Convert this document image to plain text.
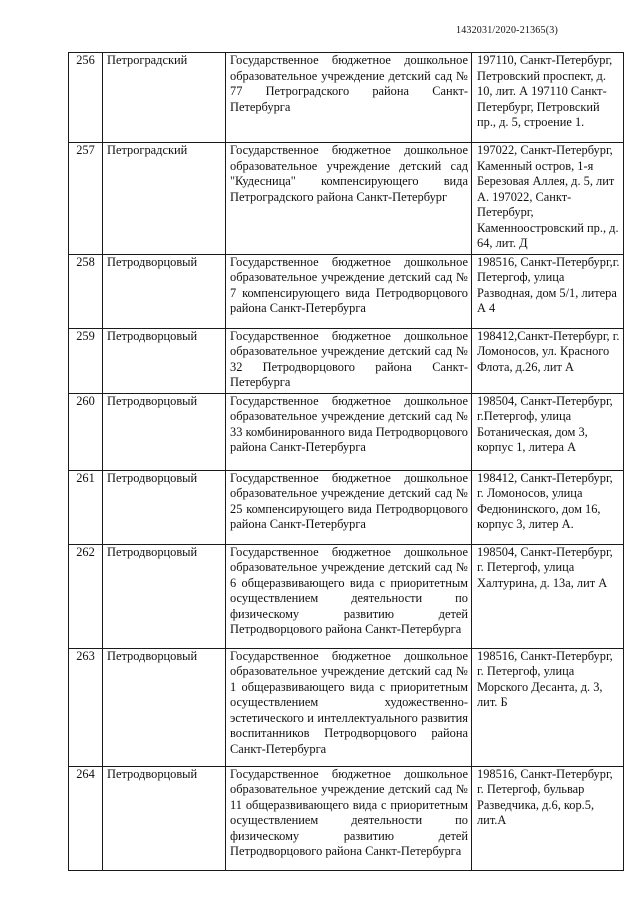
1432031/2020-21365(3)
256	Петроградский	Государственное бюджетное дошкольное образовательное учреждение детский сад № 77 Петроградского района Санкт-Петербурга	197110, Санкт-Петербург, Петровский проспект, д. 10, лит. А 197110 Санкт-Петербург, Петровский пр., д. 5, строение 1.
257	Петроградский	Государственное бюджетное дошкольное образовательное учреждение детский сад "Кудесница" компенсирующего вида Петроградского района Санкт-Петербург	197022, Санкт-Петербург, Каменный остров, 1-я Березовая Аллея, д. 5, лит А. 197022, Санкт-Петербург, Каменноостровский пр., д. 64, лит. Д
258	Петродворцовый	Государственное бюджетное дошкольное образовательное учреждение детский сад № 7 компенсирующего вида Петродворцового района Санкт-Петербурга	198516, Санкт-Петербург,г. Петергоф, улица Разводная, дом 5/1, литера А 4
259	Петродворцовый	Государственное бюджетное дошкольное образовательное учреждение детский сад № 32 Петродворцового района Санкт-Петербурга	198412,Санкт-Петербург, г. Ломоносов, ул. Красного Флота, д.26, лит А
260	Петродворцовый	Государственное бюджетное дошкольное образовательное учреждение детский сад № 33 комбинированного вида Петродворцового района Санкт-Петербурга	198504, Санкт-Петербург, г.Петергоф, улица Ботаническая, дом 3, корпус 1, литера А
261	Петродворцовый	Государственное бюджетное дошкольное образовательное учреждение детский сад № 25 компенсирующего вида Петродворцового района Санкт-Петербурга	198412, Санкт-Петербург, г. Ломоносов, улица Федюнинского, дом 16, корпус 3, литер А.
262	Петродворцовый	Государственное бюджетное дошкольное образовательное учреждение детский сад № 6 общеразвивающего вида с приоритетным осуществлением деятельности по физическому развитию детей Петродворцового района Санкт-Петербурга	198504, Санкт-Петербург, г. Петергоф, улица Халтурина, д. 13а, лит А
263	Петродворцовый	Государственное бюджетное дошкольное образовательное учреждение детский сад № 1 общеразвивающего вида с приоритетным осуществлением художественно-эстетического и интеллектуального развития воспитанников Петродворцового района Санкт-Петербурга	198516, Санкт-Петербург, г. Петергоф, улица Морского Десанта, д. 3, лит. Б
264	Петродворцовый	Государственное бюджетное дошкольное образовательное учреждение детский сад № 11 общеразвивающего вида с приоритетным осуществлением деятельности по физическому развитию детей Петродворцового района Санкт-Петербурга	198516, Санкт-Петербург, г. Петергоф, бульвар Разведчика, д.6, кор.5, лит.А
